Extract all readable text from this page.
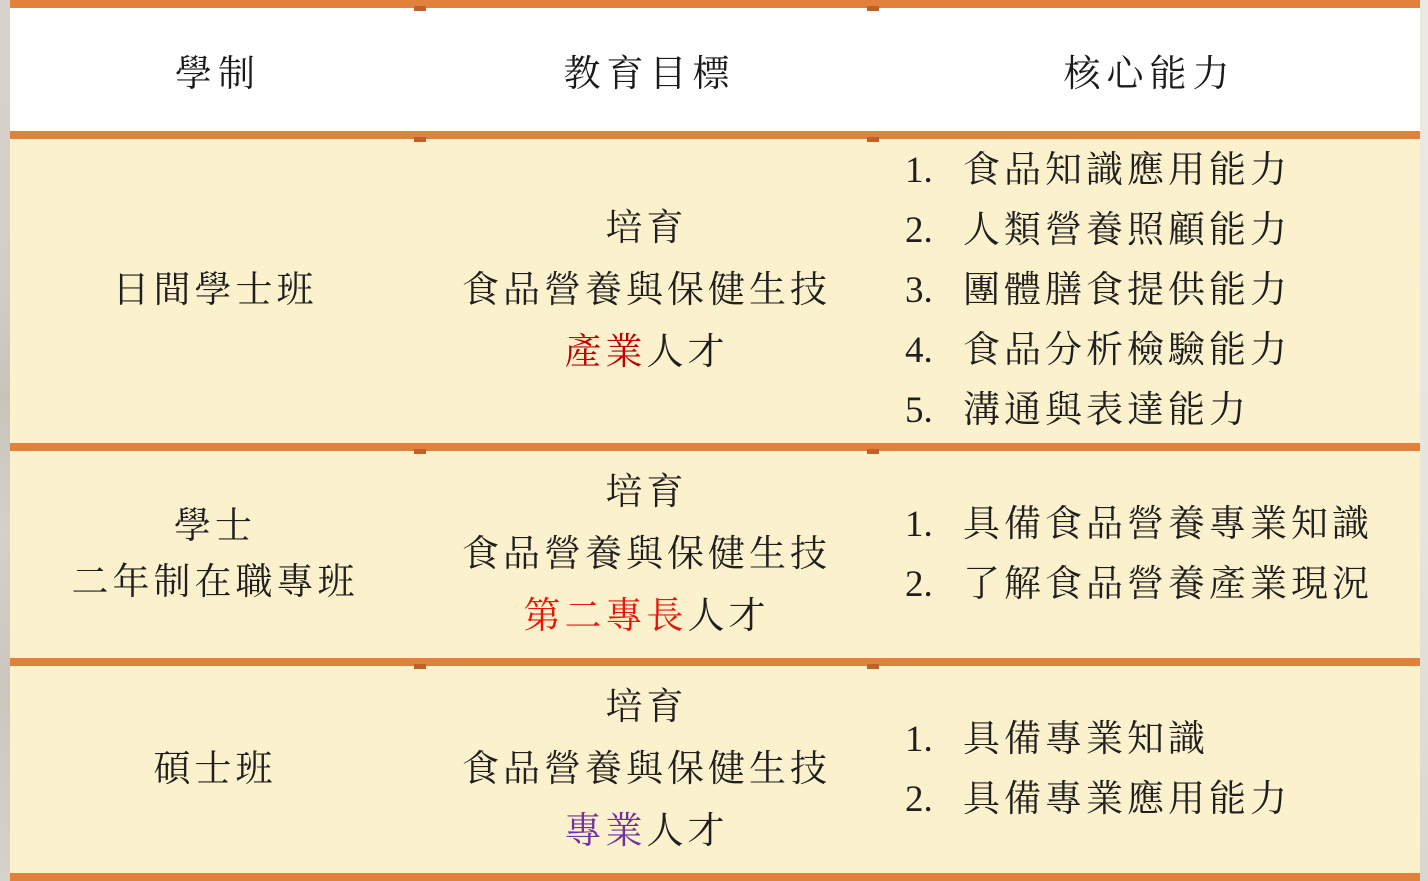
學制	教育目標	核心能力
日間學士班
培育
食品營養與保健生技
產業人才
1. 食品知識應用能力
2. 人類營養照顧能力
3. 團體膳食提供能力
4. 食品分析檢驗能力
5. 溝通與表達能力
學士
二年制在職專班
培育
食品營養與保健生技
第二專長人才
1. 具備食品營養專業知識
2. 了解食品營養產業現況
碩士班
培育
食品營養與保健生技
專業人才
1. 具備專業知識
2. 具備專業應用能力
